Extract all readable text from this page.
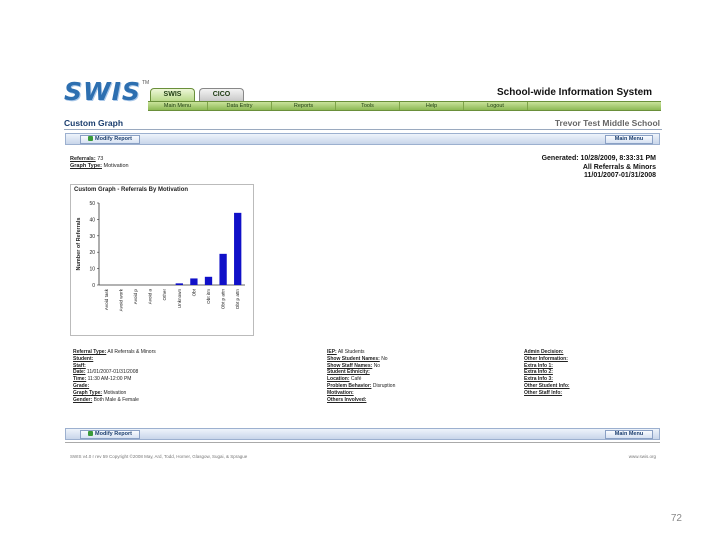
SWIS TM
SWIS	CICO	School-wide Information System
Main Menu	Data Entry	Reports	Tools	Help	Logout
Custom Graph	Trevor Test Middle School
Modify Report	Main Menu
Referrals: 73
Graph Type: Motivation
Generated: 10/28/2009, 8:33:31 PM
All Referrals & Minors
11/01/2007-01/31/2008
Custom Graph - Referrals By Motivation
0
10
20
30
40
50
Number of Referrals
Avoid task Avoid work Avoid p Avoid a Other Unknown Obt Obt itm Obt p attn Obt p attn
Referral Type: All Referrals & Minors
Student:
Staff:
Date: 11/01/2007-01/31/2008
Time: 11:30 AM-12:00 PM
Grade:
Graph Type: Motivation
Gender: Both Male & Female
IEP: All Students
Show Student Names: No
Show Staff Names: No
Student Ethnicity:
Location: Café
Problem Behavior: Disruption
Motivation:
Others Involved:
Admin Decision:
Other Information:
Extra Info 1:
Extra Info 2:
Extra Info 3:
Other Student Info:
Other Staff Info:
Modify Report	Main Menu
SWIS v4.0 r rev 59 Copyright ©2008 May, Ard, Todd, Horner, Glasgow, Sugai, & Sprague	www.swis.org
72
